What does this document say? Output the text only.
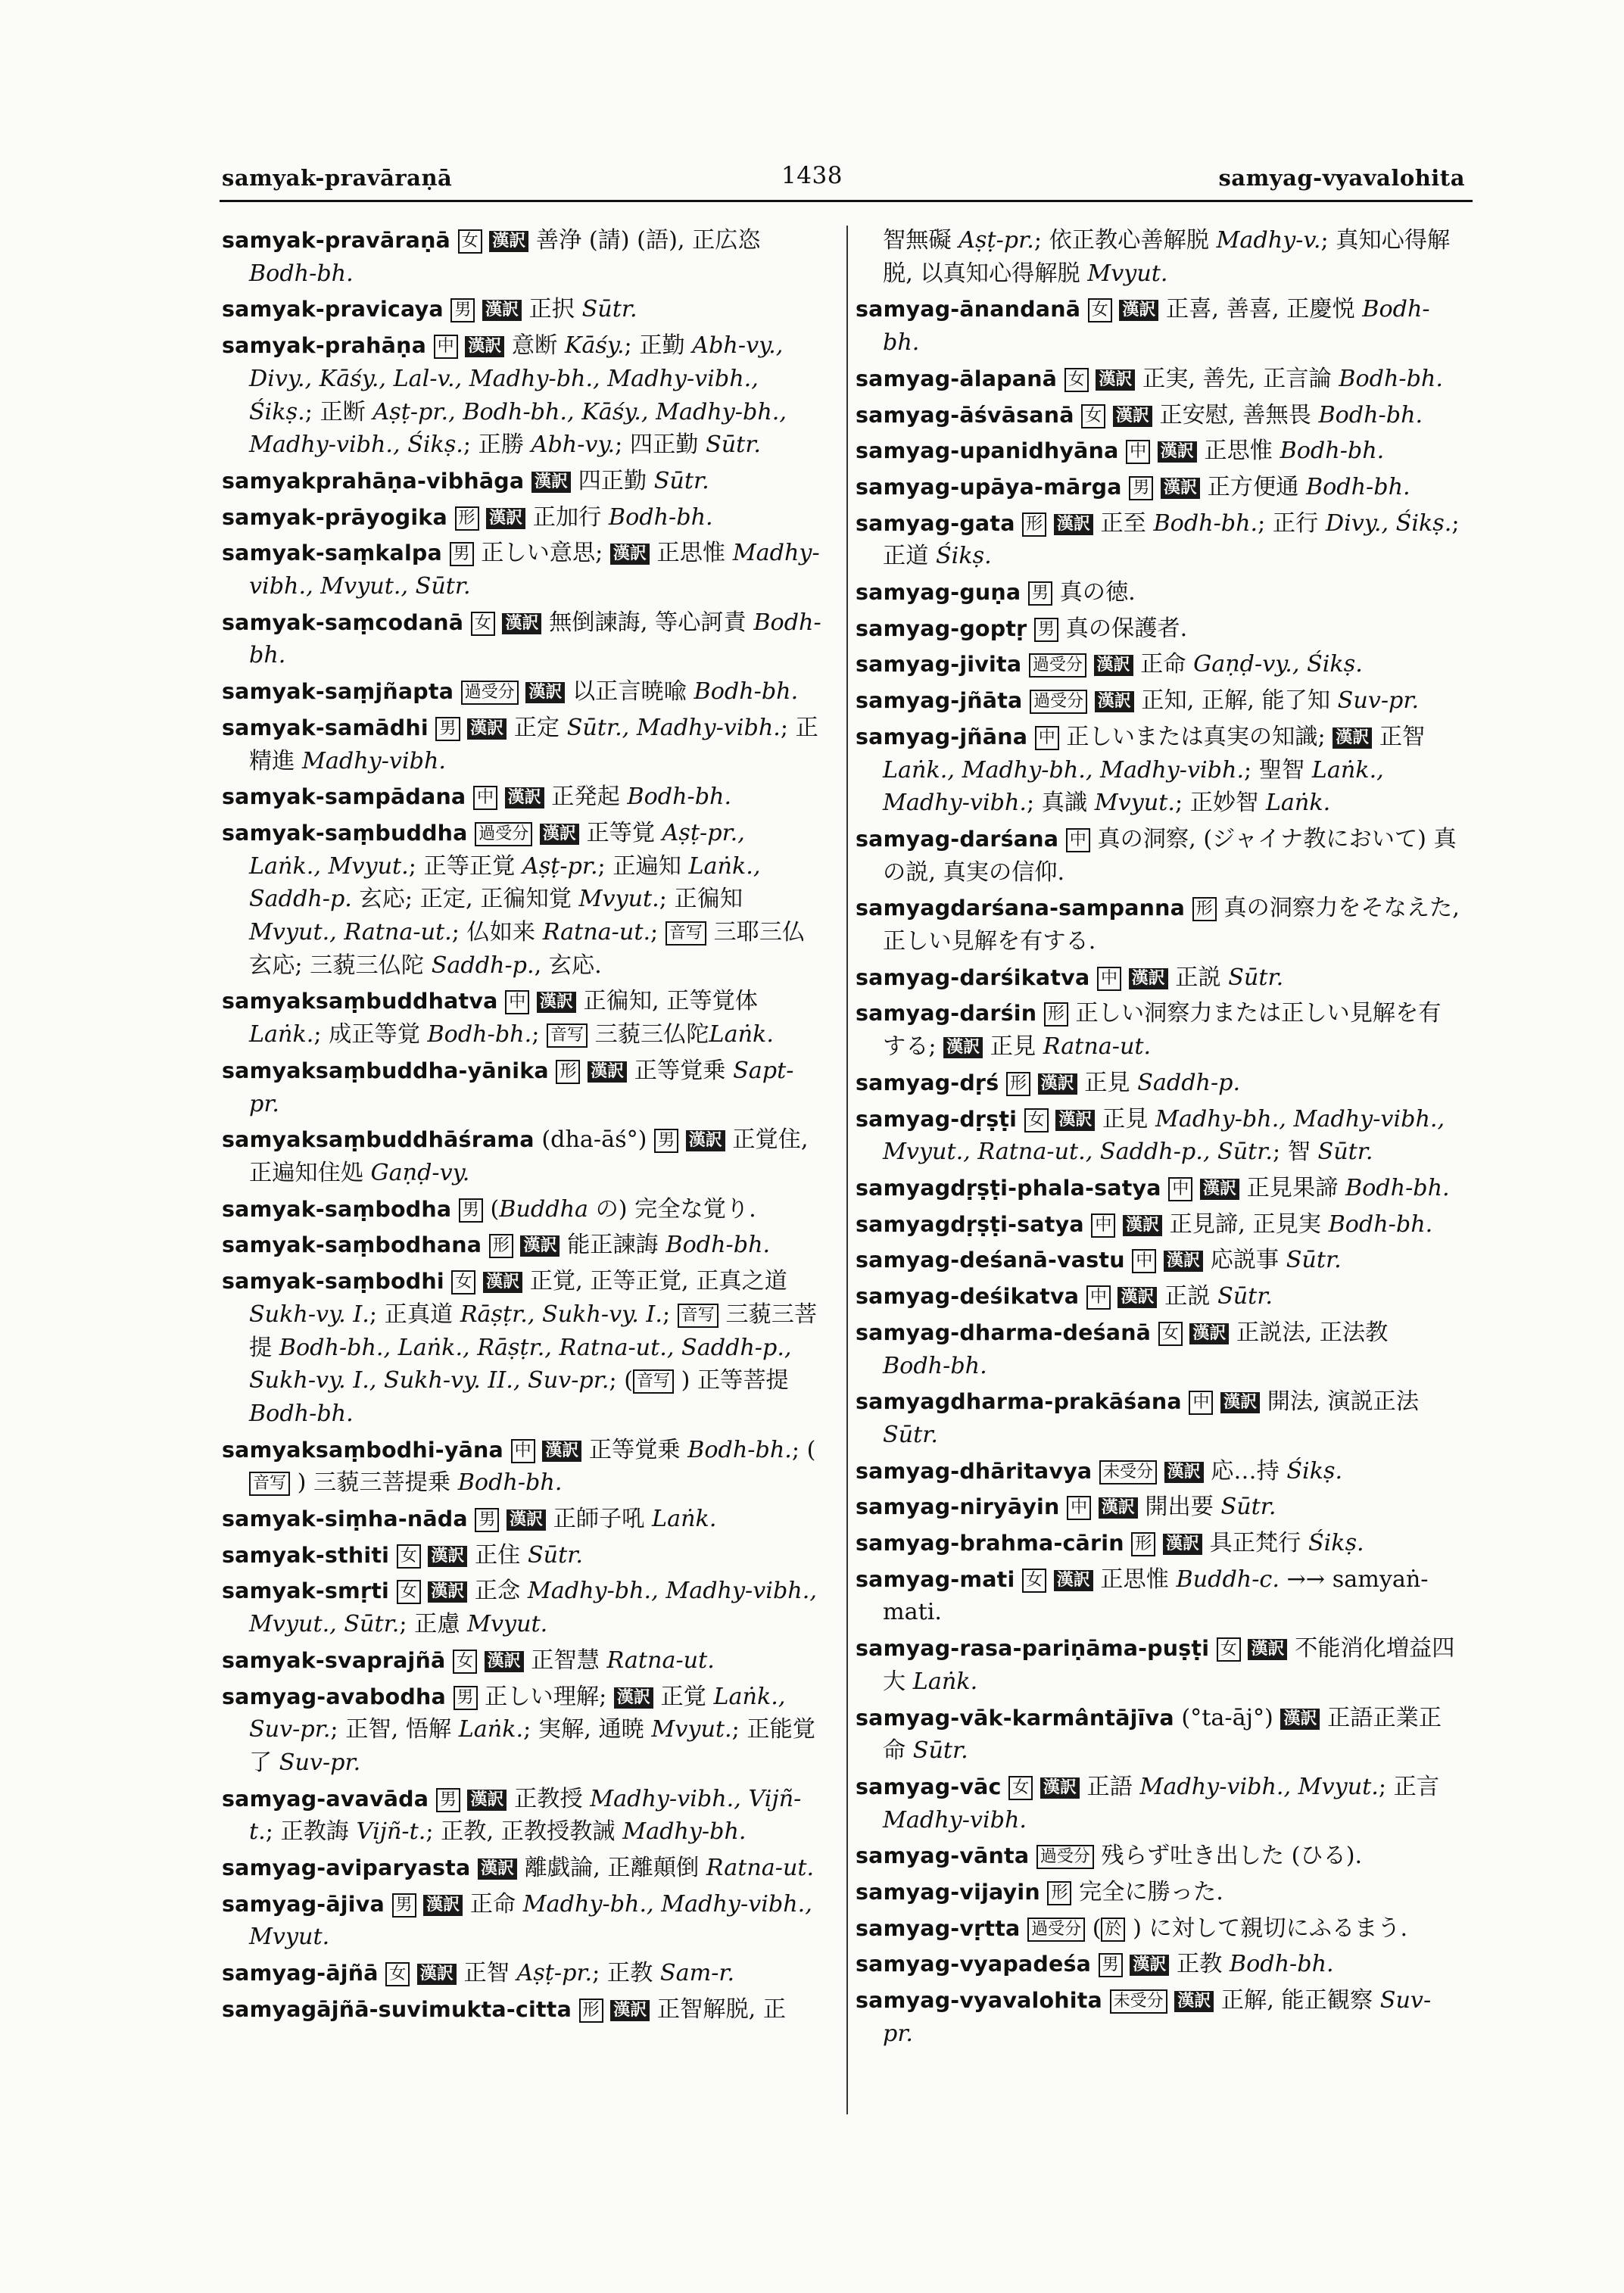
samyak-pravāraṇā	1438	samyag-vyavalohita

samyak-pravāraṇā 女 漢訳 善浄 (請) (語), 正広恣 Bodh-bh.

samyak-pravicaya 男 漢訳 正択 Sūtr.

samyak-prahāṇa 中 漢訳 意断 Kāśy.; 正勤 Abh-vy., Divy., Kāśy., Lal-v., Madhy-bh., Madhy-vibh., Śikṣ.; 正断 Aṣṭ-pr., Bodh-bh., Kāśy., Madhy-bh., Madhy-vibh., Śikṣ.; 正勝 Abh-vy.; 四正勤 Sūtr.

samyakprahāṇa-vibhāga 漢訳 四正勤 Sūtr.

samyak-prāyogika 形 漢訳 正加行 Bodh-bh.

samyak-saṃkalpa 男 正しい意思; 漢訳 正思惟 Madhy-vibh., Mvyut., Sūtr.

samyak-saṃcodanā 女 漢訳 無倒諫誨, 等心訶責 Bodh-bh.

samyak-saṃjñapta 過受分 漢訳 以正言暁喩 Bodh-bh.

samyak-samādhi 男 漢訳 正定 Sūtr., Madhy-vibh.; 正精進 Madhy-vibh.

samyak-sampādana 中 漢訳 正発起 Bodh-bh.

samyak-saṃbuddha 過受分 漢訳 正等覚 Aṣṭ-pr., Laṅk., Mvyut.; 正等正覚 Aṣṭ-pr.; 正遍知 Laṅk., Saddh-p. 玄応; 正定, 正徧知覚 Mvyut.; 正徧知 Mvyut., Ratna-ut.; 仏如来 Ratna-ut.; 音写 三耶三仏 玄応; 三藐三仏陀 Saddh-p., 玄応.

samyaksaṃbuddhatva 中 漢訳 正徧知, 正等覚体 Laṅk.; 成正等覚 Bodh-bh.; 音写 三藐三仏陀Laṅk.

samyaksaṃbuddha-yānika 形 漢訳 正等覚乗 Sapt-pr.

samyaksaṃbuddhāśrama (dha-āś°) 男 漢訳 正覚住, 正遍知住処 Gaṇḍ-vy.

samyak-saṃbodha 男 (Buddha の) 完全な覚り.

samyak-saṃbodhana 形 漢訳 能正諫誨 Bodh-bh.

samyak-saṃbodhi 女 漢訳 正覚, 正等正覚, 正真之道 Sukh-vy. I.; 正真道 Rāṣṭr., Sukh-vy. I.; 音写 三藐三菩提 Bodh-bh., Laṅk., Rāṣṭr., Ratna-ut., Saddh-p., Sukh-vy. I., Sukh-vy. II., Suv-pr.; ( 音写 ) 正等菩提 Bodh-bh.

samyaksaṃbodhi-yāna 中 漢訳 正等覚乗 Bodh-bh.; (音写 ) 三藐三菩提乗 Bodh-bh.

samyak-siṃha-nāda 男 漢訳 正師子吼 Laṅk.

samyak-sthiti 女 漢訳 正住 Sūtr.

samyak-smṛti 女 漢訳 正念 Madhy-bh., Madhy-vibh., Mvyut., Sūtr.; 正慮 Mvyut.

samyak-svaprajñā 女 漢訳 正智慧 Ratna-ut.

samyag-avabodha 男 正しい理解; 漢訳 正覚 Laṅk., Suv-pr.; 正智, 悟解 Laṅk.; 実解, 通暁 Mvyut.; 正能覚了 Suv-pr.

samyag-avavāda 男 漢訳 正教授 Madhy-vibh., Vijñ-t.; 正教誨 Vijñ-t.; 正教, 正教授教誡 Madhy-bh.

samyag-aviparyasta 漢訳 離戯論, 正離顛倒 Ratna-ut.

samyag-ājiva 男 漢訳 正命 Madhy-bh., Madhy-vibh., Mvyut.

samyag-ājñā 女 漢訳 正智 Aṣṭ-pr.; 正教 Sam-r.

samyagājñā-suvimukta-citta 形 漢訳 正智解脱, 正

智無礙 Aṣṭ-pr.; 依正教心善解脱 Madhy-v.; 真知心得解脱, 以真知心得解脱 Mvyut.

samyag-ānandanā 女 漢訳 正喜, 善喜, 正慶悦 Bodh-bh.

samyag-ālapanā 女 漢訳 正実, 善先, 正言論 Bodh-bh.

samyag-āśvāsanā 女 漢訳 正安慰, 善無畏 Bodh-bh.

samyag-upanidhyāna 中 漢訳 正思惟 Bodh-bh.

samyag-upāya-mārga 男 漢訳 正方便通 Bodh-bh.

samyag-gata 形 漢訳 正至 Bodh-bh.; 正行 Divy., Śikṣ.; 正道 Śikṣ.

samyag-guṇa 男 真の徳.

samyag-goptṛ 男 真の保護者.

samyag-jivita 過受分 漢訳 正命 Gaṇḍ-vy., Śikṣ.

samyag-jñāta 過受分 漢訳 正知, 正解, 能了知 Suv-pr.

samyag-jñāna 中 正しいまたは真実の知識; 漢訳 正智 Laṅk., Madhy-bh., Madhy-vibh.; 聖智 Laṅk., Madhy-vibh.; 真識 Mvyut.; 正妙智 Laṅk.

samyag-darśana 中 真の洞察, (ジャイナ教において) 真の説, 真実の信仰.

samyagdarśana-sampanna 形 真の洞察力をそなえた, 正しい見解を有する.

samyag-darśikatva 中 漢訳 正説 Sūtr.

samyag-darśin 形 正しい洞察力または正しい見解を有する; 漢訳 正見 Ratna-ut.

samyag-dṛś 形 漢訳 正見 Saddh-p.

samyag-dṛṣṭi 女 漢訳 正見 Madhy-bh., Madhy-vibh., Mvyut., Ratna-ut., Saddh-p., Sūtr.; 智 Sūtr.

samyagdṛṣṭi-phala-satya 中 漢訳 正見果諦 Bodh-bh.

samyagdṛṣṭi-satya 中 漢訳 正見諦, 正見実 Bodh-bh.

samyag-deśanā-vastu 中 漢訳 応説事 Sūtr.

samyag-deśikatva 中 漢訳 正説 Sūtr.

samyag-dharma-deśanā 女 漢訳 正説法, 正法教 Bodh-bh.

samyagdharma-prakāśana 中 漢訳 開法, 演説正法 Sūtr.

samyag-dhāritavya 未受分 漢訳 応…持 Śikṣ.

samyag-niryāyin 中 漢訳 開出要 Sūtr.

samyag-brahma-cārin 形 漢訳 具正梵行 Śikṣ.

samyag-mati 女 漢訳 正思惟 Buddh-c. →→ samyaṅ-mati.

samyag-rasa-pariṇāma-puṣṭi 女 漢訳 不能消化増益四大 Laṅk.

samyag-vāk-karmântājīva (°ta-āj°) 漢訳 正語正業正命 Sūtr.

samyag-vāc 女 漢訳 正語 Madhy-vibh., Mvyut.; 正言 Madhy-vibh.

samyag-vānta 過受分 残らず吐き出した (ひる).

samyag-vijayin 形 完全に勝った.

samyag-vṛtta 過受分 ( 於 ) に対して親切にふるまう.

samyag-vyapadeśa 男 漢訳 正教 Bodh-bh.

samyag-vyavalohita 未受分 漢訳 正解, 能正観察 Suv-pr.
